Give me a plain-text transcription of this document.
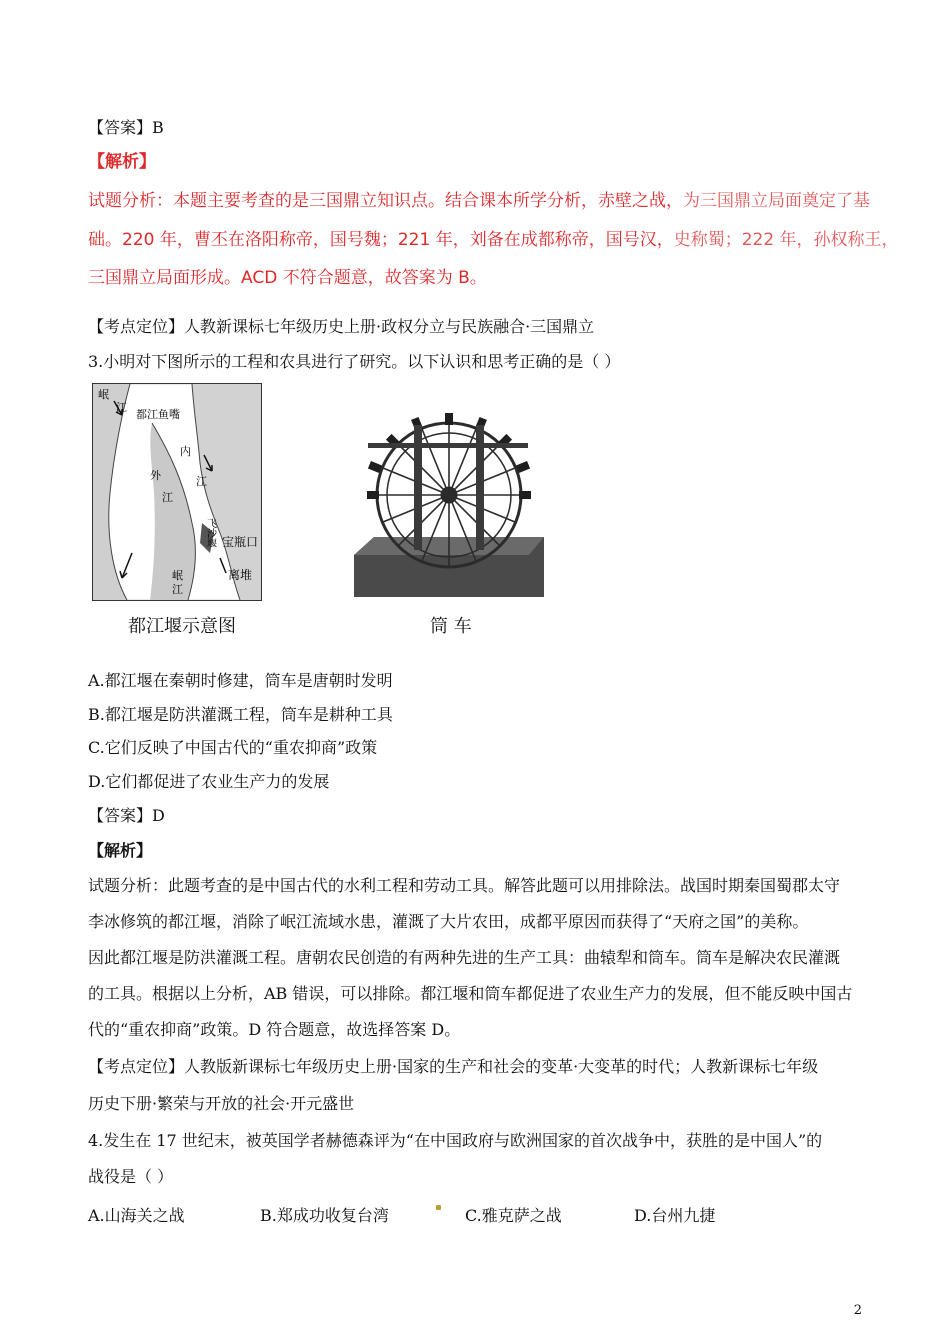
【答案】B
【解析】
试题分析：本题主要考查的是三国鼎立知识点。结合课本所学分析，赤壁之战，为三国鼎立局面奠定了基
础。220 年，曹丕在洛阳称帝，国号魏；221 年，刘备在成都称帝，国号汉，史称蜀；222 年，孙权称王，
三国鼎立局面形成。ACD 不符合题意，故答案为 B。
【考点定位】人教新课标七年级历史上册·政权分立与民族融合·三国鼎立
3.小明对下图所示的工程和农具进行了研究。以下认识和思考正确的是（ ）
岷
江
都江鱼嘴
外
内
江
江
飞沙堰 宝瓶口
岷
江
离堆
都江堰示意图	筒 车
A.都江堰在秦朝时修建，筒车是唐朝时发明
B.都江堰是防洪灌溉工程，筒车是耕种工具
C.它们反映了中国古代的“重农抑商”政策
D.它们都促进了农业生产力的发展
【答案】D
【解析】
试题分析：此题考查的是中国古代的水利工程和劳动工具。解答此题可以用排除法。战国时期秦国蜀郡太守
李冰修筑的都江堰，消除了岷江流域水患，灌溉了大片农田，成都平原因而获得了“天府之国”的美称。
因此都江堰是防洪灌溉工程。唐朝农民创造的有两种先进的生产工具：曲辕犁和筒车。筒车是解决农民灌溉
的工具。根据以上分析，AB 错误，可以排除。都江堰和筒车都促进了农业生产力的发展，但不能反映中国古
代的“重农抑商”政策。D 符合题意，故选择答案 D。
【考点定位】人教版新课标七年级历史上册·国家的生产和社会的变革·大变革的时代；人教新课标七年级
历史下册·繁荣与开放的社会·开元盛世
4.发生在 17 世纪末，被英国学者赫德森评为“在中国政府与欧洲国家的首次战争中，获胜的是中国人”的
战役是（ ）
A.山海关之战	B.郑成功收复台湾	C.雅克萨之战	D.台州九捷
2
